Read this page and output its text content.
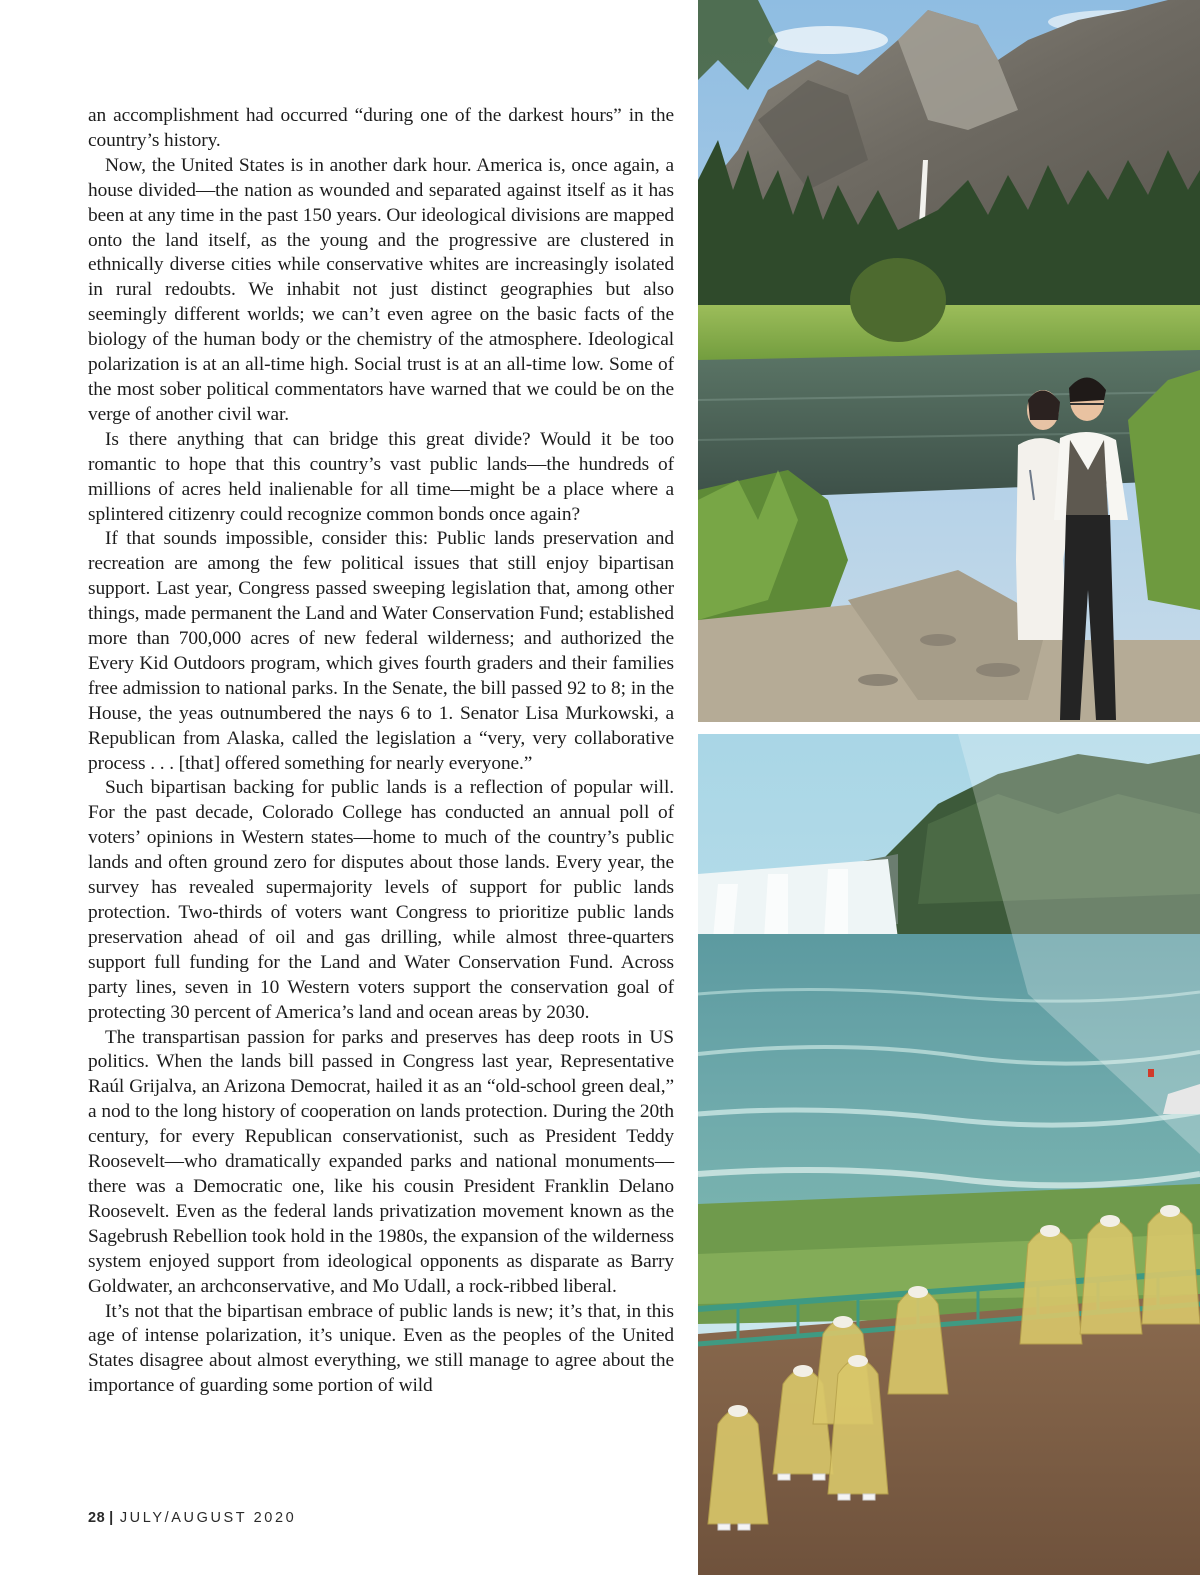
an accomplishment had occurred “during one of the darkest hours” in the country’s history.

Now, the United States is in another dark hour. America is, once again, a house divided—the nation as wounded and separated against itself as it has been at any time in the past 150 years. Our ideological divisions are mapped onto the land itself, as the young and the progressive are clustered in ethnically diverse cities while conservative whites are increasingly isolated in rural redoubts. We inhabit not just distinct geographies but also seemingly different worlds; we can’t even agree on the basic facts of the biology of the human body or the chemistry of the atmosphere. Ideological polarization is at an all-time high. Social trust is at an all-time low. Some of the most sober political commentators have warned that we could be on the verge of another civil war.

Is there anything that can bridge this great divide? Would it be too romantic to hope that this country’s vast public lands—the hundreds of millions of acres held inalienable for all time—might be a place where a splintered citizenry could recognize common bonds once again?

If that sounds impossible, consider this: Public lands preservation and recreation are among the few political issues that still enjoy bipartisan support. Last year, Congress passed sweeping legislation that, among other things, made permanent the Land and Water Conservation Fund; established more than 700,000 acres of new federal wilderness; and authorized the Every Kid Outdoors program, which gives fourth graders and their families free admission to national parks. In the Senate, the bill passed 92 to 8; in the House, the yeas outnumbered the nays 6 to 1. Senator Lisa Murkowski, a Republican from Alaska, called the legislation a “very, very collaborative process . . . [that] offered something for nearly everyone.”

Such bipartisan backing for public lands is a reflection of popular will. For the past decade, Colorado College has conducted an annual poll of voters’ opinions in Western states—home to much of the country’s public lands and often ground zero for disputes about those lands. Every year, the survey has revealed supermajority levels of support for public lands protection. Two-thirds of voters want Congress to prioritize public lands preservation ahead of oil and gas drilling, while almost three-quarters support full funding for the Land and Water Conservation Fund. Across party lines, seven in 10 Western voters support the conservation goal of protecting 30 percent of America’s land and ocean areas by 2030.

The transpartisan passion for parks and preserves has deep roots in US politics. When the lands bill passed in Congress last year, Representative Raúl Grijalva, an Arizona Democrat, hailed it as an “old-school green deal,” a nod to the long history of cooperation on lands protection. During the 20th century, for every Republican conservationist, such as President Teddy Roosevelt—who dramatically expanded parks and national monuments—there was a Democratic one, like his cousin President Franklin Delano Roosevelt. Even as the federal lands privatization movement known as the Sagebrush Rebellion took hold in the 1980s, the expansion of the wilderness system enjoyed support from ideological opponents as disparate as Barry Goldwater, an archconservative, and Mo Udall, a rock-ribbed liberal.

It’s not that the bipartisan embrace of public lands is new; it’s that, in this age of intense polarization, it’s unique. Even as the peoples of the United States disagree about almost everything, we still manage to agree about the importance of guarding some portion of wild

28 | JULY/AUGUST 2020
